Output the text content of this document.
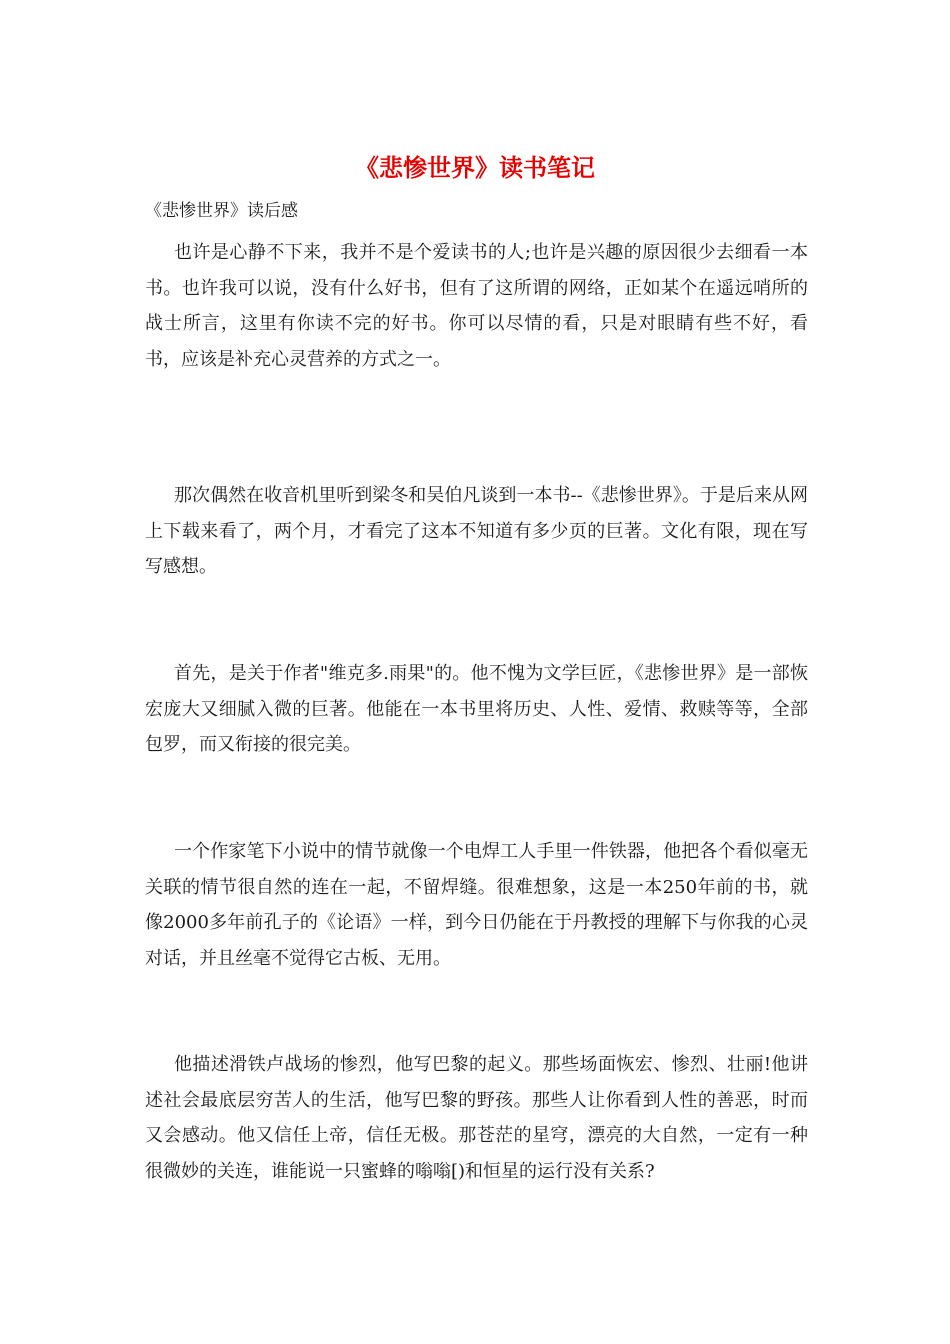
《悲惨世界》读书笔记
《悲惨世界》读后感

也许是心静不下来，我并不是个爱读书的人;也许是兴趣的原因很少去细看一本书。也许我可以说，没有什么好书，但有了这所谓的网络，正如某个在遥远哨所的战士所言，这里有你读不完的好书。你可以尽情的看，只是对眼睛有些不好，看书，应该是补充心灵营养的方式之一。

那次偶然在收音机里听到梁冬和吴伯凡谈到一本书--《悲惨世界》。于是后来从网上下载来看了，两个月，才看完了这本不知道有多少页的巨著。文化有限，现在写写感想。

首先，是关于作者"维克多.雨果"的。他不愧为文学巨匠，《悲惨世界》是一部恢宏庞大又细腻入微的巨著。他能在一本书里将历史、人性、爱情、救赎等等，全部包罗，而又衔接的很完美。

一个作家笔下小说中的情节就像一个电焊工人手里一件铁器，他把各个看似毫无关联的情节很自然的连在一起，不留焊缝。很难想象，这是一本250年前的书，就像2000多年前孔子的《论语》一样，到今日仍能在于丹教授的理解下与你我的心灵对话，并且丝毫不觉得它古板、无用。

他描述滑铁卢战场的惨烈，他写巴黎的起义。那些场面恢宏、惨烈、壮丽!他讲述社会最底层穷苦人的生活，他写巴黎的野孩。那些人让你看到人性的善恶，时而又会感动。他又信任上帝，信任无极。那苍茫的星穹，漂亮的大自然，一定有一种很微妙的关连，谁能说一只蜜蜂的嗡嗡[)和恒星的运行没有关系?
